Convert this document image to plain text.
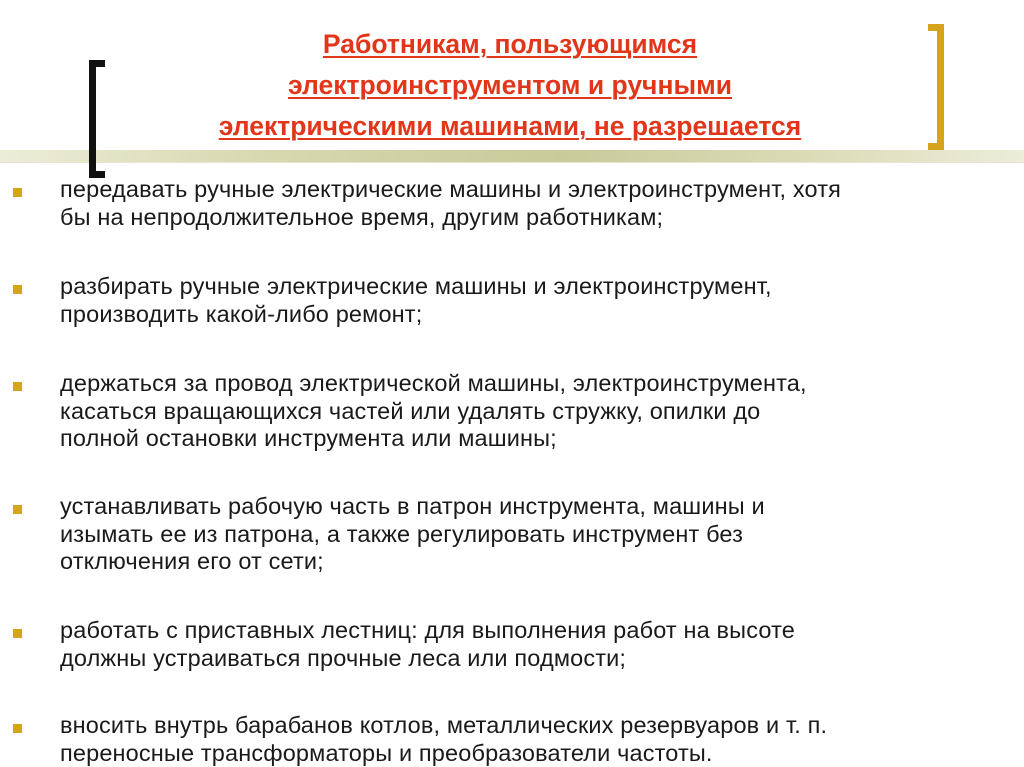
Работникам, пользующимся
электроинструментом и ручными
электрическими машинами, не разрешается
передавать ручные электрические машины и электроинструмент, хотя
бы на непродолжительное время, другим работникам;
разбирать ручные электрические машины и электроинструмент,
производить какой-либо ремонт;
держаться за провод электрической машины, электроинструмента,
касаться вращающихся частей или удалять стружку, опилки до
полной остановки инструмента или машины;
устанавливать рабочую часть в патрон инструмента, машины и
изымать ее из патрона, а также регулировать инструмент без
отключения его от сети;
работать с приставных лестниц: для выполнения работ на высоте
должны устраиваться прочные леса или подмости;
вносить внутрь барабанов котлов, металлических резервуаров и т. п.
переносные трансформаторы и преобразователи частоты.
